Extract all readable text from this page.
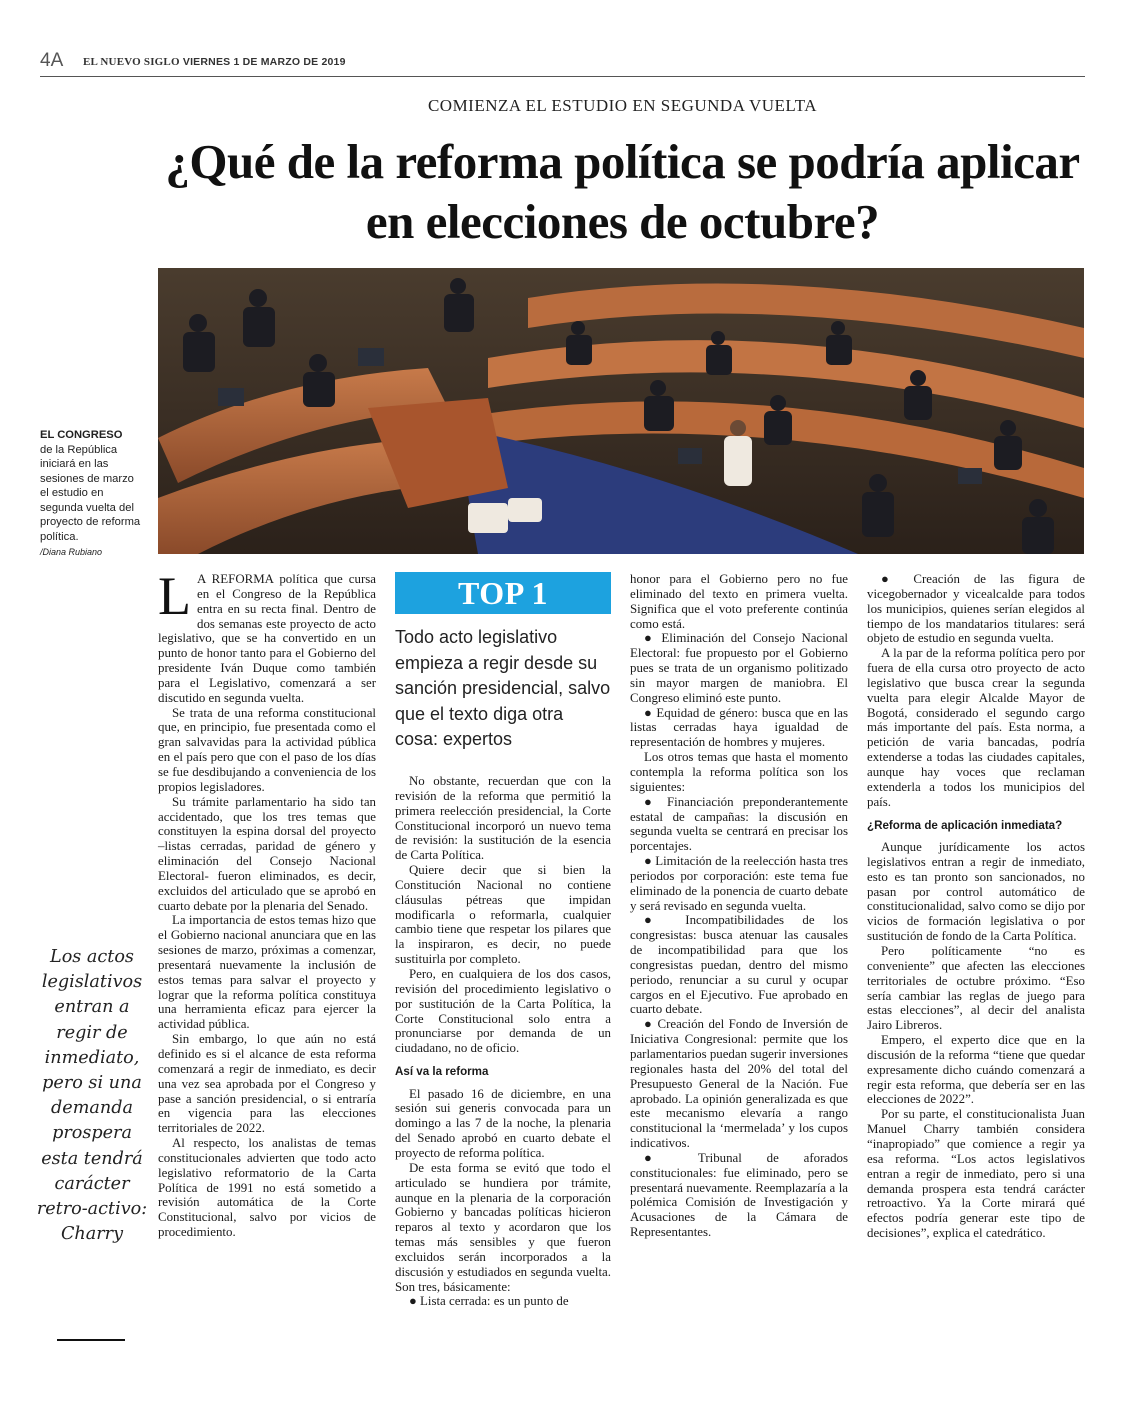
4A EL NUEVO SIGLO VIERNES 1 DE MARZO DE 2019
COMIENZA EL ESTUDIO EN SEGUNDA VUELTA
¿Qué de la reforma política se podría aplicar en elecciones de octubre?
EL CONGRESO
de la República iniciará en las sesiones de marzo el estudio en segunda vuelta del proyecto de reforma política.
/Diana Rubiano
Los actos legislativos entran a regir de inmediato, pero si una demanda prospera esta tendrá carácter retro-activo: Charry
L A REFORMA política que cursa en el Congreso de la República entra en su recta final. Dentro de dos semanas este proyecto de acto legislativo, que se ha convertido en un punto de honor tanto para el Gobierno del presidente Iván Duque como también para el Legislativo, comenzará a ser discutido en segunda vuelta.

Se trata de una reforma constitucional que, en principio, fue presentada como el gran salvavidas para la actividad pública en el país pero que con el paso de los días se fue desdibujando a conveniencia de los propios legisladores.

Su trámite parlamentario ha sido tan accidentado, que los tres temas que constituyen la espina dorsal del proyecto –listas cerradas, paridad de género y eliminación del Consejo Nacional Electoral- fueron eliminados, es decir, excluidos del articulado que se aprobó en cuarto debate por la plenaria del Senado.

La importancia de estos temas hizo que el Gobierno nacional anunciara que en las sesiones de marzo, próximas a comenzar, presentará nuevamente la inclusión de estos temas para salvar el proyecto y lograr que la reforma política constituya una herramienta eficaz para ejercer la actividad pública.

Sin embargo, lo que aún no está definido es si el alcance de esta reforma comenzará a regir de inmediato, es decir una vez sea aprobada por el Congreso y pase a sanción presidencial, o si entraría en vigencia para las elecciones territoriales de 2022.

Al respecto, los analistas de temas constitucionales advierten que todo acto legislativo reformatorio de la Carta Política de 1991 no está sometido a revisión automática de la Corte Constitucional, salvo por vicios de procedimiento.

TOP 1
Todo acto legislativo empieza a regir desde su sanción presidencial, salvo que el texto diga otra cosa: expertos

No obstante, recuerdan que con la revisión de la reforma que permitió la primera reelección presidencial, la Corte Constitucional incorporó un nuevo tema de revisión: la sustitución de la esencia de Carta Política.

Quiere decir que si bien la Constitución Nacional no contiene cláusulas pétreas que impidan modificarla o reformarla, cualquier cambio tiene que respetar los pilares que la inspiraron, es decir, no puede sustituirla por completo.

Pero, en cualquiera de los dos casos, revisión del procedimiento legislativo o por sustitución de la Carta Política, la Corte Constitucional solo entra a pronunciarse por demanda de un ciudadano, no de oficio.

Así va la reforma

El pasado 16 de diciembre, en una sesión sui generis convocada para un domingo a las 7 de la noche, la plenaria del Senado aprobó en cuarto debate el proyecto de reforma política.

De esta forma se evitó que todo el articulado se hundiera por trámite, aunque en la plenaria de la corporación Gobierno y bancadas políticas hicieron reparos al texto y acordaron que los temas más sensibles y que fueron excluidos serán incorporados a la discusión y estudiados en segunda vuelta. Son tres, básicamente:

● Lista cerrada: es un punto de

honor para el Gobierno pero no fue eliminado del texto en primera vuelta. Significa que el voto preferente continúa como está.

● Eliminación del Consejo Nacional Electoral: fue propuesto por el Gobierno pues se trata de un organismo politizado sin mayor margen de maniobra. El Congreso eliminó este punto.

● Equidad de género: busca que en las listas cerradas haya igualdad de representación de hombres y mujeres.

Los otros temas que hasta el momento contempla la reforma política son los siguientes:

● Financiación preponderantemente estatal de campañas: la discusión en segunda vuelta se centrará en precisar los porcentajes.

● Limitación de la reelección hasta tres periodos por corporación: este tema fue eliminado de la ponencia de cuarto debate y será revisado en segunda vuelta.

● Incompatibilidades de los congresistas: busca atenuar las causales de incompatibilidad para que los congresistas puedan, dentro del mismo periodo, renunciar a su curul y ocupar cargos en el Ejecutivo. Fue aprobado en cuarto debate.

● Creación del Fondo de Inversión de Iniciativa Congresional: permite que los parlamentarios puedan sugerir inversiones regionales hasta del 20% del total del Presupuesto General de la Nación. Fue aprobado. La opinión generalizada es que este mecanismo elevaría a rango constitucional la ‘mermelada’ y los cupos indicativos.

● Tribunal de aforados constitucionales: fue eliminado, pero se presentará nuevamente. Reemplazaría a la polémica Comisión de Investigación y Acusaciones de la Cámara de Representantes.

● Creación de las figura de vicegobernador y vicealcalde para todos los municipios, quienes serían elegidos al tiempo de los mandatarios titulares: será objeto de estudio en segunda vuelta.

A la par de la reforma política pero por fuera de ella cursa otro proyecto de acto legislativo que busca crear la segunda vuelta para elegir Alcalde Mayor de Bogotá, considerado el segundo cargo más importante del país. Esta norma, a petición de varia bancadas, podría extenderse a todas las ciudades capitales, aunque hay voces que reclaman extenderla a todos los municipios del país.

¿Reforma de aplicación inmediata?

Aunque jurídicamente los actos legislativos entran a regir de inmediato, esto es tan pronto son sancionados, no pasan por control automático de constitucionalidad, salvo como se dijo por vicios de formación legislativa o por sustitución de fondo de la Carta Política.

Pero políticamente “no es conveniente” que afecten las elecciones territoriales de octubre próximo. “Eso sería cambiar las reglas de juego para estas elecciones”, al decir del analista Jairo Libreros.

Empero, el experto dice que en la discusión de la reforma “tiene que quedar expresamente dicho cuándo comenzará a regir esta reforma, que debería ser en las elecciones de 2022”.

Por su parte, el constitucionalista Juan Manuel Charry también considera “inapropiado” que comience a regir ya esa reforma. “Los actos legislativos entran a regir de inmediato, pero si una demanda prospera esta tendrá carácter retroactivo. Ya la Corte mirará qué efectos podría generar este tipo de decisiones”, explica el catedrático.
